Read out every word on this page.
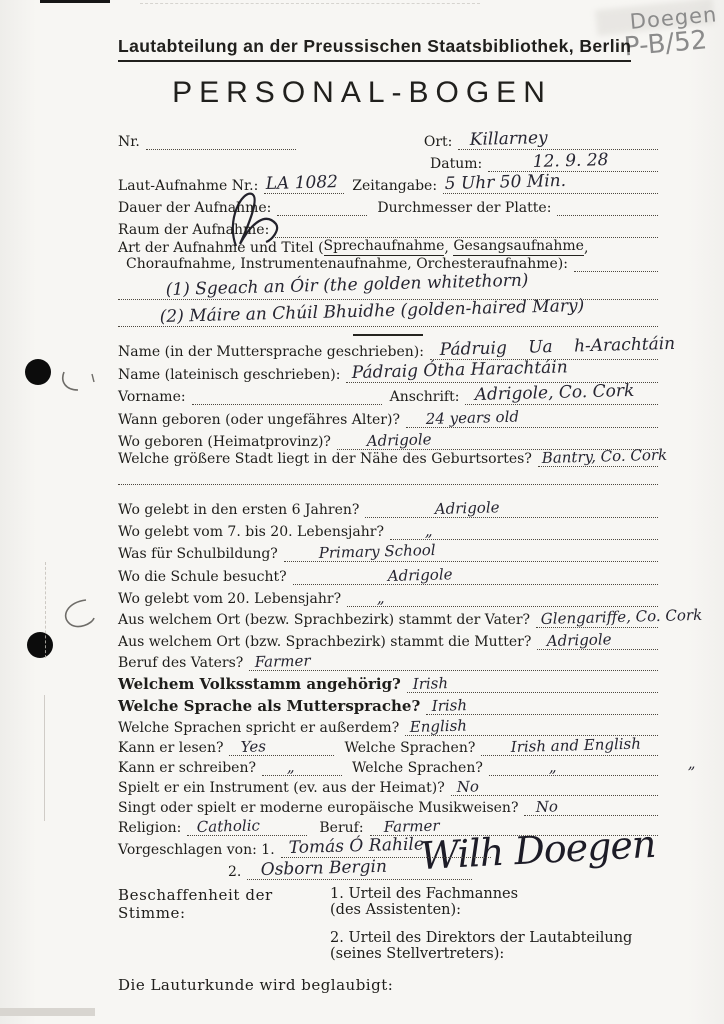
Doegen
P-B/52
Lautabteilung an der Preussischen Staatsbibliothek, Berlin
PERSONAL-BOGEN
Wilh Doegen
Nr.	Ort:	Killarney
Datum:	12. 9. 28
Laut-Aufnahme Nr.: LA 1082 Zeitangabe: 5 Uhr 50 Min.
Dauer der Aufnahme:	Durchmesser der Platte:
Raum der Aufnahme:
Art der Aufnahme und Titel ( Sprechaufnahme , Gesangsaufnahme ,
Choraufnahme, Instrumentenaufnahme, Orchesteraufnahme):
(1) Sgeach an Óir (the golden whitethorn)
(2) Máire an Chúil Bhuidhe (golden-haired Mary)
Name (in der Muttersprache geschrieben): Pádruig Ua h-Arachtáin
Name (lateinisch geschrieben): Pádraig Ótha Harachtáin
Vorname:	Anschrift: Adrigole, Co. Cork
Wann geboren (oder ungefähres Alter)?	24 years old
Wo geboren (Heimatprovinz)?	Adrigole
Welche größere Stadt liegt in der Nähe des Geburtsortes? Bantry, Co. Cork
Wo gelebt in den ersten 6 Jahren?	Adrigole
Wo gelebt vom 7. bis 20. Lebensjahr?	„
Was für Schulbildung?	Primary School
Wo die Schule besucht?	Adrigole
Wo gelebt vom 20. Lebensjahr?	„
Aus welchem Ort (bezw. Sprachbezirk) stammt der Vater? Glengariffe, Co. Cork
Aus welchem Ort (bzw. Sprachbezirk) stammt die Mutter?	Adrigole
Beruf des Vaters? Farmer
Welchem Volksstamm angehörig? Irish
Welche Sprache als Muttersprache? Irish
Welche Sprachen spricht er außerdem? English
Kann er lesen?	Yes	Welche Sprachen?	Irish and English
Kann er schreiben?	„	Welche Sprachen?	„    „
Spielt er ein Instrument (ev. aus der Heimat)? No
Singt oder spielt er moderne europäische Musikweisen?	No
Religion:	Catholic	Beruf:	Farmer
Vorgeschlagen von: 1. Tomás Ó Rahile
2.	Osborn Bergin
Beschaffenheit der Stimme:
1. Urteil des Fachmannes
(des Assistenten):
2. Urteil des Direktors der Lautabteilung
(seines Stellvertreters):
Die Lauturkunde wird beglaubigt:
